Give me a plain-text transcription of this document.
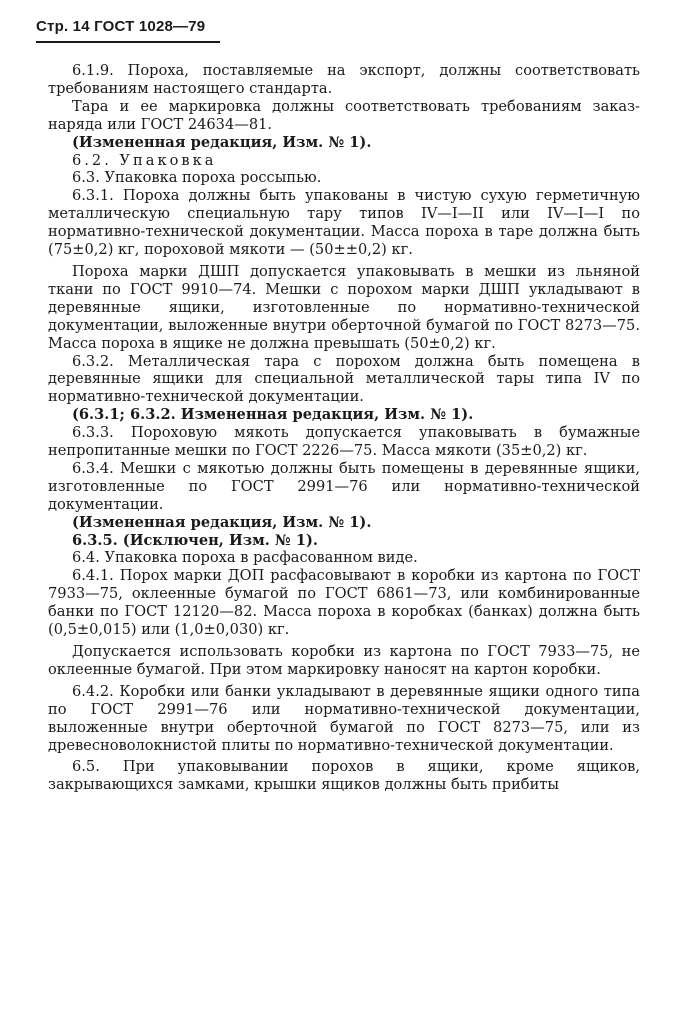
Стр. 14 ГОСТ 1028—79

6.1.9. Пороха, поставляемые на экспорт, должны соответствовать требованиям настоящего стандарта.

Тара и ее маркировка должны соответствовать требованиям заказ-наряда или ГОСТ 24634—81.

(Измененная редакция, Изм. № 1).

6.2. Упаковка

6.3. Упаковка пороха россыпью.

6.3.1. Пороха должны быть упакованы в чистую сухую герметичную металлическую специальную тару типов IV—I—II или IV—I—I по нормативно-технической документации. Масса пороха в таре должна быть (75±0,2) кг, пороховой мякоти — (50±±0,2) кг.

Пороха марки ДШП допускается упаковывать в мешки из льняной ткани по ГОСТ 9910—74. Мешки с порохом марки ДШП укладывают в деревянные ящики, изготовленные по нормативно-технической документации, выложенные внутри оберточной бумагой по ГОСТ 8273—75. Масса пороха в ящике не должна превышать (50±0,2) кг.

6.3.2. Металлическая тара с порохом должна быть помещена в деревянные ящики для специальной металлической тары типа IV по нормативно-технической документации.

(6.3.1; 6.3.2. Измененная редакция, Изм. № 1).

6.3.3. Пороховую мякоть допускается упаковывать в бумажные непропитанные мешки по ГОСТ 2226—75. Масса мякоти (35±0,2) кг.

6.3.4. Мешки с мякотью должны быть помещены в деревянные ящики, изготовленные по ГОСТ 2991—76 или нормативно-технической документации.

(Измененная редакция, Изм. № 1).

6.3.5. (Исключен, Изм. № 1).

6.4. Упаковка пороха в расфасованном виде.

6.4.1. Порох марки ДОП расфасовывают в коробки из картона по ГОСТ 7933—75, оклеенные бумагой по ГОСТ 6861—73, или комбинированные банки по ГОСТ 12120—82. Масса пороха в коробках (банках) должна быть (0,5±0,015) или (1,0±0,030) кг.

Допускается использовать коробки из картона по ГОСТ 7933—75, не оклеенные бумагой. При этом маркировку наносят на картон коробки.

6.4.2. Коробки или банки укладывают в деревянные ящики одного типа по ГОСТ 2991—76 или нормативно-технической документации, выложенные внутри оберточной бумагой по ГОСТ 8273—75, или из древесноволокнистой плиты по нормативно-технической документации.

6.5. При упаковывании порохов в ящики, кроме ящиков, закрывающихся замками, крышки ящиков должны быть прибиты
